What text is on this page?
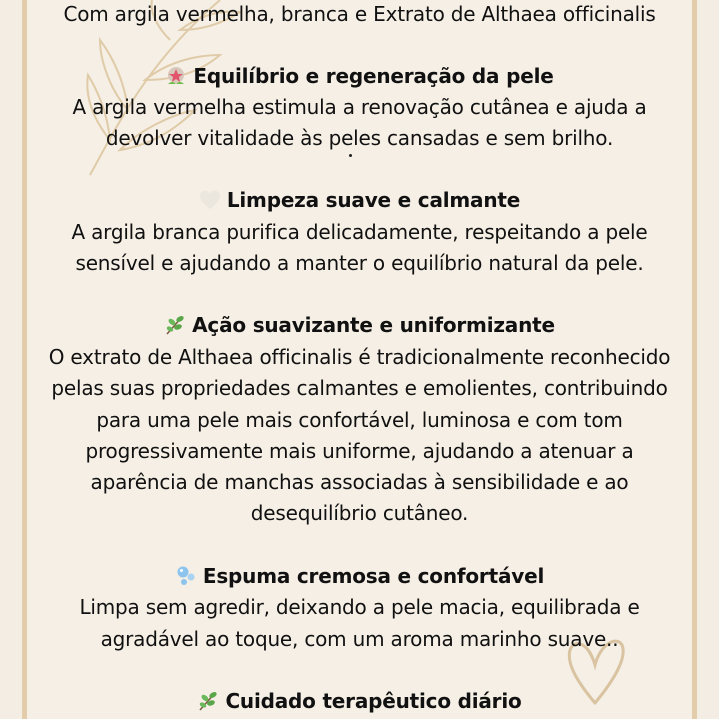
Com argila vermelha, branca e Extrato de Althaea officinalis
Equilíbrio e regeneração da pele
A argila vermelha estimula a renovação cutânea e ajuda a
devolver vitalidade às peles cansadas e sem brilho.
Limpeza suave e calmante
A argila branca purifica delicadamente, respeitando a pele
sensível e ajudando a manter o equilíbrio natural da pele.
Ação suavizante e uniformizante
O extrato de Althaea officinalis é tradicionalmente reconhecido
pelas suas propriedades calmantes e emolientes, contribuindo
para uma pele mais confortável, luminosa e com tom
progressivamente mais uniforme, ajudando a atenuar a
aparência de manchas associadas à sensibilidade e ao
desequilíbrio cutâneo.
Espuma cremosa e confortável
Limpa sem agredir, deixando a pele macia, equilibrada e
agradável ao toque, com um aroma marinho suave..
Cuidado terapêutico diário
